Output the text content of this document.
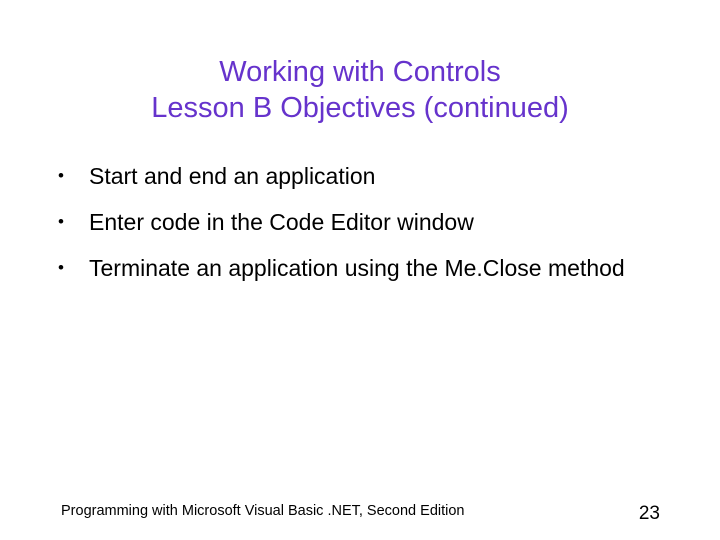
Working with Controls
Lesson B Objectives (continued)
• Start and end an application
• Enter code in the Code Editor window
• Terminate an application using the Me.Close method
Programming with Microsoft Visual Basic .NET, Second Edition	23
